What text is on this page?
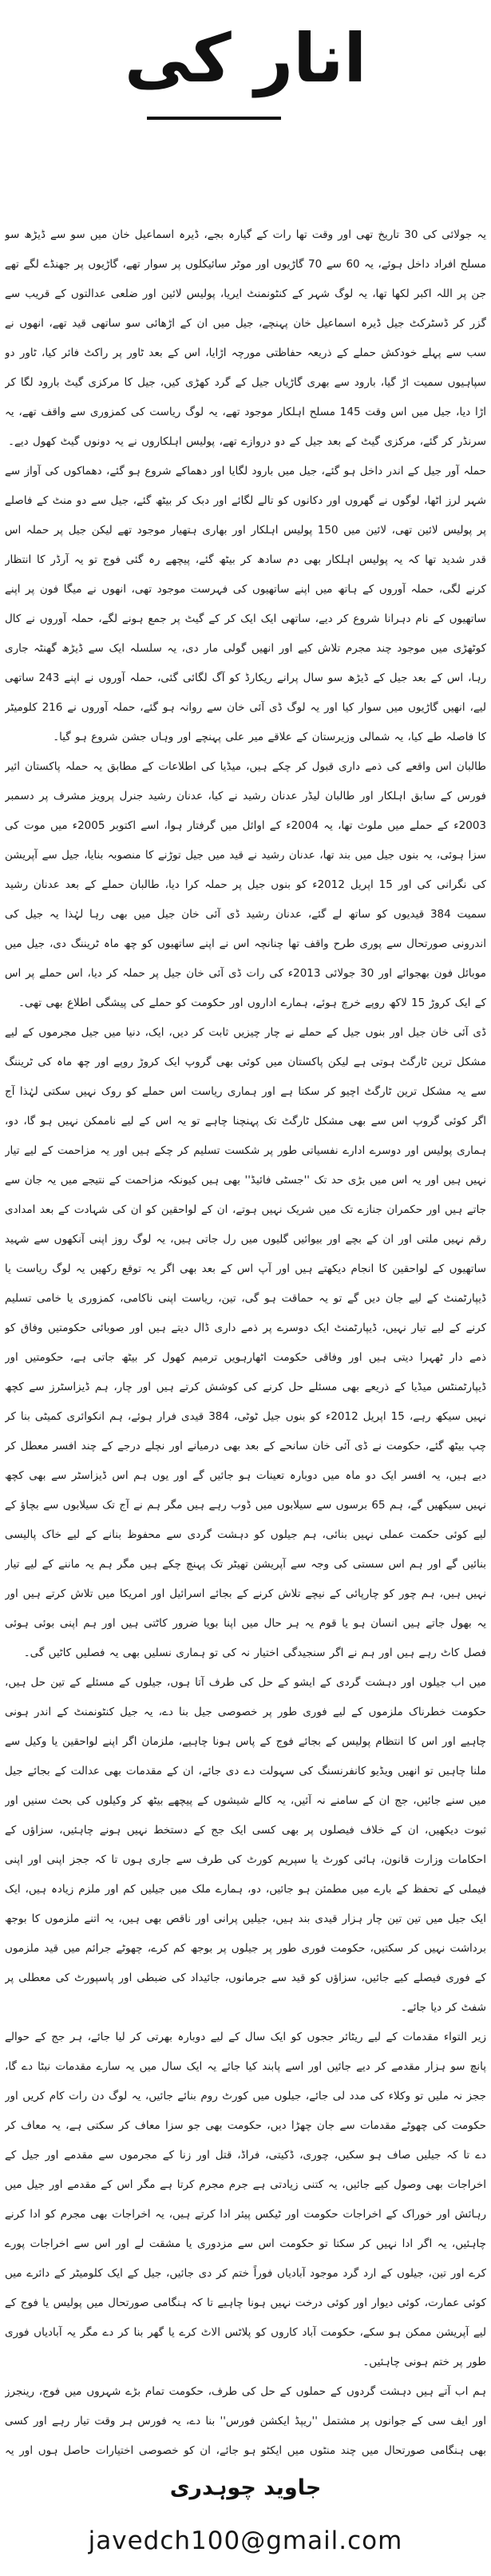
انار کی

یہ جولائی کی 30 تاریخ تھی اور وقت تھا رات کے گیارہ بجے، ڈیرہ اسماعیل خان میں سو سے ڈیڑھ سو مسلح افراد داخل ہوئے، یہ 60 سے 70 گاڑیوں اور موٹر سائیکلوں پر سوار تھے، گاڑیوں پر جھنڈے لگے تھے جن پر اللہ اکبر لکھا تھا، یہ لوگ شہر کے کنٹونمنٹ ایریا، پولیس لائین اور ضلعی عدالتوں کے قریب سے گزر کر ڈسٹرکٹ جیل ڈیرہ اسماعیل خان پہنچے، جیل میں ان کے اڑھائی سو ساتھی قید تھے، انھوں نے سب سے پہلے خودکش حملے کے ذریعہ حفاظتی مورچہ اڑایا، اس کے بعد ٹاور پر راکٹ فائر کیا، ٹاور دو سپاہیوں سمیت اڑ گیا، بارود سے بھری گاڑیاں جیل کے گرد کھڑی کیں، جیل کا مرکزی گیٹ بارود لگا کر اڑا دیا، جیل میں اس وقت 145 مسلح اہلکار موجود تھے، یہ لوگ ریاست کی کمزوری سے واقف تھے، یہ سرنڈر کر گئے، مرکزی گیٹ کے بعد جیل کے دو دروازے تھے، پولیس اہلکاروں نے یہ دونوں گیٹ کھول دیے۔

حملہ آور جیل کے اندر داخل ہو گئے، جیل میں بارود لگایا اور دھماکے شروع ہو گئے، دھماکوں کی آواز سے شہر لرز اٹھا، لوگوں نے گھروں اور دکانوں کو تالے لگائے اور دبک کر بیٹھ گئے، جیل سے دو منٹ کے فاصلے پر پولیس لائین تھی، لائین میں 150 پولیس اہلکار اور بھاری ہتھیار موجود تھے لیکن جیل پر حملہ اس قدر شدید تھا کہ یہ پولیس اہلکار بھی دم سادھ کر بیٹھ گئے، پیچھے رہ گئی فوج تو یہ آرڈر کا انتظار کرنے لگی، حملہ آوروں کے ہاتھ میں اپنے ساتھیوں کی فہرست موجود تھی، انھوں نے میگا فون پر اپنے ساتھیوں کے نام دہرانا شروع کر دیے، ساتھی ایک ایک کر کے گیٹ پر جمع ہونے لگے، حملہ آوروں نے کال کوٹھڑی میں موجود چند مجرم تلاش کیے اور انھیں گولی مار دی، یہ سلسلہ ایک سے ڈیڑھ گھنٹہ جاری رہا، اس کے بعد جیل کے ڈیڑھ سو سال پرانے ریکارڈ کو آگ لگائی گئی، حملہ آوروں نے اپنے 243 ساتھی لیے، انھیں گاڑیوں میں سوار کیا اور یہ لوگ ڈی آئی خان سے روانہ ہو گئے، حملہ آوروں نے 216 کلومیٹر کا فاصلہ طے کیا، یہ شمالی وزیرستان کے علاقے میر علی پہنچے اور وہاں جشن شروع ہو گیا۔

طالبان اس واقعے کی ذمے داری قبول کر چکے ہیں، میڈیا کی اطلاعات کے مطابق یہ حملہ پاکستان ائیر فورس کے سابق اہلکار اور طالبان لیڈر عدنان رشید نے کیا، عدنان رشید جنرل پرویز مشرف پر دسمبر 2003ء کے حملے میں ملوث تھا، یہ 2004ء کے اوائل میں گرفتار ہوا، اسے اکتوبر 2005ء میں موت کی سزا ہوئی، یہ بنوں جیل میں بند تھا، عدنان رشید نے قید میں جیل توڑنے کا منصوبہ بنایا، جیل سے آپریشن کی نگرانی کی اور 15 اپریل 2012ء کو بنوں جیل پر حملہ کرا دیا، طالبان حملے کے بعد عدنان رشید سمیت 384 قیدیوں کو ساتھ لے گئے، عدنان رشید ڈی آئی خان جیل میں بھی رہا لہٰذا یہ جیل کی اندرونی صورتحال سے پوری طرح واقف تھا چنانچہ اس نے اپنے ساتھیوں کو چھ ماہ ٹریننگ دی، جیل میں موبائل فون بھجوائے اور 30 جولائی 2013ء کی رات ڈی آئی خان جیل پر حملہ کر دیا، اس حملے پر اس کے ایک کروڑ 15 لاکھ روپے خرچ ہوئے، ہمارے اداروں اور حکومت کو حملے کی پیشگی اطلاع بھی تھی۔

ڈی آئی خان جیل اور بنوں جیل کے حملے نے چار چیزیں ثابت کر دیں، ایک، دنیا میں جیل مجرموں کے لیے مشکل ترین ٹارگٹ ہوتی ہے لیکن پاکستان میں کوئی بھی گروپ ایک کروڑ روپے اور چھ ماہ کی ٹریننگ سے یہ مشکل ترین ٹارگٹ اچیو کر سکتا ہے اور ہماری ریاست اس حملے کو روک نہیں سکتی لہٰذا آج اگر کوئی گروپ اس سے بھی مشکل ٹارگٹ تک پہنچنا چاہے تو یہ اس کے لیے ناممکن نہیں ہو گا، دو، ہماری پولیس اور دوسرے ادارے نفسیاتی طور پر شکست تسلیم کر چکے ہیں اور یہ مزاحمت کے لیے تیار نہیں ہیں اور یہ اس میں بڑی حد تک ''جسٹی فائیڈ'' بھی ہیں کیونکہ مزاحمت کے نتیجے میں یہ جان سے جاتے ہیں اور حکمران جنازے تک میں شریک نہیں ہوتے، ان کے لواحقین کو ان کی شہادت کے بعد امدادی رقم نہیں ملتی اور ان کے بچے اور بیوائیں گلیوں میں رل جاتی ہیں، یہ لوگ روز اپنی آنکھوں سے شہید ساتھیوں کے لواحقین کا انجام دیکھتے ہیں اور آپ اس کے بعد بھی اگر یہ توقع رکھیں یہ لوگ ریاست یا ڈیپارٹمنٹ کے لیے جان دیں گے تو یہ حماقت ہو گی، تین، ریاست اپنی ناکامی، کمزوری یا خامی تسلیم کرنے کے لیے تیار نہیں، ڈیپارٹمنٹ ایک دوسرے پر ذمے داری ڈال دیتے ہیں اور صوبائی حکومتیں وفاق کو ذمے دار ٹھہرا دیتی ہیں اور وفاقی حکومت اٹھارہویں ترمیم کھول کر بیٹھ جاتی ہے، حکومتیں اور ڈیپارٹمنٹس میڈیا کے ذریعے بھی مسئلے حل کرنے کی کوشش کرتے ہیں اور چار، ہم ڈیزاسٹرز سے کچھ نہیں سیکھ رہے، 15 اپریل 2012ء کو بنوں جیل ٹوٹی، 384 قیدی فرار ہوئے، ہم انکوائری کمیٹی بنا کر چپ بیٹھ گئے، حکومت نے ڈی آئی خان سانحے کے بعد بھی درمیانے اور نچلے درجے کے چند افسر معطل کر دیے ہیں، یہ افسر ایک دو ماہ میں دوبارہ تعینات ہو جائیں گے اور یوں ہم اس ڈیزاسٹر سے بھی کچھ نہیں سیکھیں گے، ہم 65 برسوں سے سیلابوں میں ڈوب رہے ہیں مگر ہم نے آج تک سیلابوں سے بچاؤ کے لیے کوئی حکمت عملی نہیں بنائی، ہم جیلوں کو دہشت گردی سے محفوظ بنانے کے لیے خاک پالیسی بنائیں گے اور ہم اس سستی کی وجہ سے آپریشن تھیٹر تک پہنچ چکے ہیں مگر ہم یہ ماننے کے لیے تیار نہیں ہیں، ہم چور کو چارپائی کے نیچے تلاش کرنے کے بجائے اسرائیل اور امریکا میں تلاش کرتے ہیں اور یہ بھول جاتے ہیں انسان ہو یا قوم یہ ہر حال میں اپنا بویا ضرور کاٹتی ہیں اور ہم اپنی بوئی ہوئی فصل کاٹ رہے ہیں اور ہم نے اگر سنجیدگی اختیار نہ کی تو ہماری نسلیں بھی یہ فصلیں کاٹیں گی۔

میں اب جیلوں اور دہشت گردی کے ایشو کے حل کی طرف آتا ہوں، جیلوں کے مسئلے کے تین حل ہیں، حکومت خطرناک ملزموں کے لیے فوری طور پر خصوصی جیل بنا دے، یہ جیل کنٹونمنٹ کے اندر ہونی چاہیے اور اس کا انتظام پولیس کے بجائے فوج کے پاس ہونا چاہیے، ملزمان اگر اپنے لواحقین یا وکیل سے ملنا چاہیں تو انھیں ویڈیو کانفرنسنگ کی سہولت دے دی جائے، ان کے مقدمات بھی عدالت کے بجائے جیل میں سنے جائیں، جج ان کے سامنے نہ آئیں، یہ کالے شیشوں کے پیچھے بیٹھ کر وکیلوں کی بحث سنیں اور ثبوت دیکھیں، ان کے خلاف فیصلوں پر بھی کسی ایک جج کے دستخط نہیں ہونے چاہئیں، سزاؤں کے احکامات وزارت قانون، ہائی کورٹ یا سپریم کورٹ کی طرف سے جاری ہوں تا کہ ججز اپنی اور اپنی فیملی کے تحفظ کے بارے میں مطمئن ہو جائیں، دو، ہمارے ملک میں جیلیں کم اور ملزم زیادہ ہیں، ایک ایک جیل میں تین تین چار ہزار قیدی بند ہیں، جیلیں پرانی اور ناقص بھی ہیں، یہ اتنے ملزموں کا بوجھ برداشت نہیں کر سکتیں، حکومت فوری طور پر جیلوں پر بوجھ کم کرے، چھوٹے جرائم میں قید ملزموں کے فوری فیصلے کیے جائیں، سزاؤں کو قید سے جرمانوں، جائیداد کی ضبطی اور پاسپورٹ کی معطلی پر شفٹ کر دیا جائے۔

زیر التواء مقدمات کے لیے ریٹائر ججوں کو ایک سال کے لیے دوبارہ بھرتی کر لیا جائے، ہر جج کے حوالے پانچ سو ہزار مقدمے کر دیے جائیں اور اسے پابند کیا جائے یہ ایک سال میں یہ سارے مقدمات نبٹا دے گا، ججز نہ ملیں تو وکلاء کی مدد لی جائے، جیلوں میں کورٹ روم بنائے جائیں، یہ لوگ دن رات کام کریں اور حکومت کی چھوٹے مقدمات سے جان چھڑا دیں، حکومت بھی جو سزا معاف کر سکتی ہے، یہ معاف کر دے تا کہ جیلیں صاف ہو سکیں، چوری، ڈکیتی، فراڈ، قتل اور زنا کے مجرموں سے مقدمے اور جیل کے اخراجات بھی وصول کیے جائیں، یہ کتنی زیادتی ہے جرم مجرم کرتا ہے مگر اس کے مقدمے اور جیل میں رہائش اور خوراک کے اخراجات حکومت اور ٹیکس پیئر ادا کرتے ہیں، یہ اخراجات بھی مجرم کو ادا کرنے چاہئیں، یہ اگر ادا نہیں کر سکتا تو حکومت اس سے مزدوری یا مشقت لے اور اس سے اخراجات پورے کرے اور تین، جیلوں کے ارد گرد موجود آبادیاں فوراً ختم کر دی جائیں، جیل کے ایک کلومیٹر کے دائرے میں کوئی عمارت، کوئی دیوار اور کوئی درخت نہیں ہونا چاہیے تا کہ ہنگامی صورتحال میں پولیس یا فوج کے لیے آپریشن ممکن ہو سکے، حکومت آباد کاروں کو پلاٹس الاٹ کرے یا گھر بنا کر دے مگر یہ آبادیاں فوری طور پر ختم ہونی چاہئیں۔

ہم اب آتے ہیں دہشت گردوں کے حملوں کے حل کی طرف، حکومت تمام بڑے شہروں میں فوج، رینجرز اور ایف سی کے جوانوں پر مشتمل ''ریپڈ ایکشن فورس'' بنا دے، یہ فورس ہر وقت تیار رہے اور کسی بھی ہنگامی صورتحال میں چند منٹوں میں ایکٹو ہو جائے، ان کو خصوصی اختیارات حاصل ہوں اور یہ

جاوید چوہدری
javedch100@gmail.com
